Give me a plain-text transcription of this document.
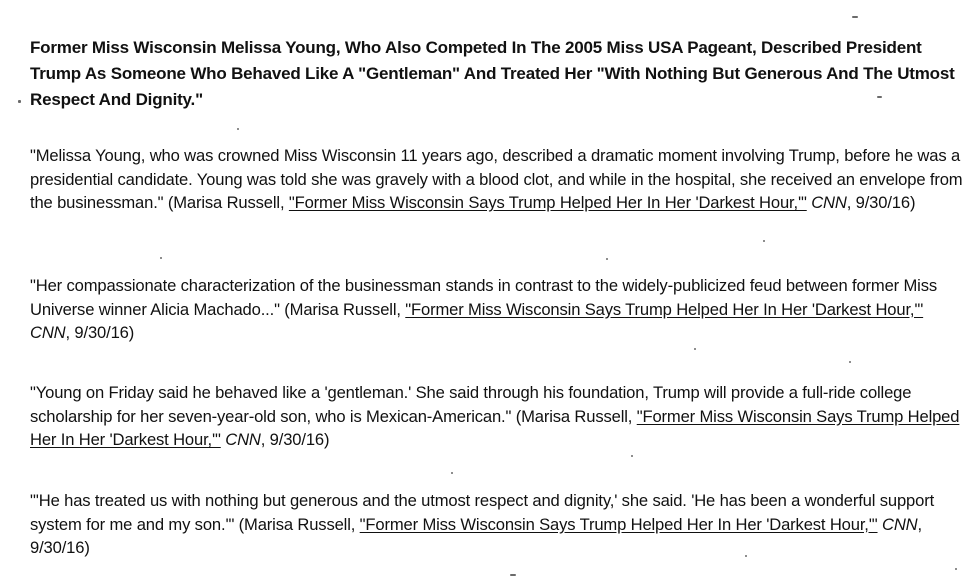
Former Miss Wisconsin Melissa Young, Who Also Competed In The 2005 Miss USA Pageant, Described President Trump As Someone Who Behaved Like A "Gentleman" And Treated Her "With Nothing But Generous And The Utmost Respect And Dignity."
"Melissa Young, who was crowned Miss Wisconsin 11 years ago, described a dramatic moment involving Trump, before he was a presidential candidate. Young was told she was gravely with a blood clot, and while in the hospital, she received an envelope from the businessman." (Marisa Russell, "Former Miss Wisconsin Says Trump Helped Her In Her 'Darkest Hour,'" CNN, 9/30/16)
"Her compassionate characterization of the businessman stands in contrast to the widely-publicized feud between former Miss Universe winner Alicia Machado..." (Marisa Russell, "Former Miss Wisconsin Says Trump Helped Her In Her 'Darkest Hour,'" CNN, 9/30/16)
"Young on Friday said he behaved like a 'gentleman.' She said through his foundation, Trump will provide a full-ride college scholarship for her seven-year-old son, who is Mexican-American." (Marisa Russell, "Former Miss Wisconsin Says Trump Helped Her In Her 'Darkest Hour,'" CNN, 9/30/16)
"'He has treated us with nothing but generous and the utmost respect and dignity,' she said. 'He has been a wonderful support system for me and my son.'" (Marisa Russell, "Former Miss Wisconsin Says Trump Helped Her In Her 'Darkest Hour,'" CNN, 9/30/16)
